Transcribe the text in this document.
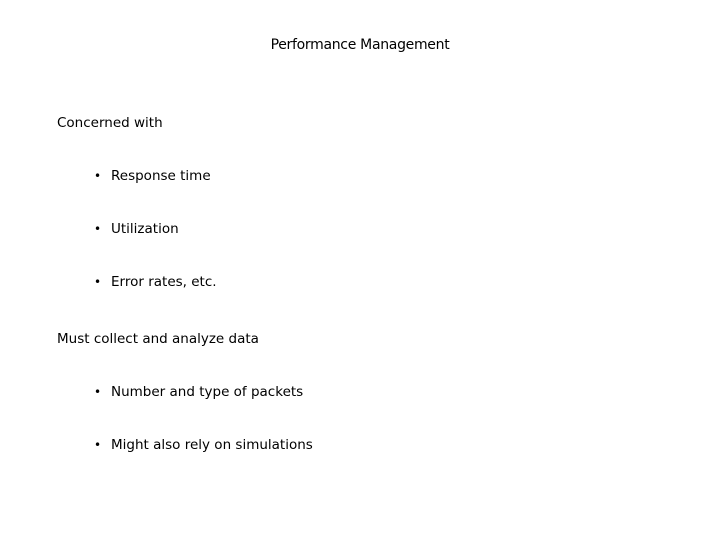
Performance Management
Concerned with
• Response time
• Utilization
• Error rates, etc.
Must collect and analyze data
• Number and type of packets
• Might also rely on simulations
